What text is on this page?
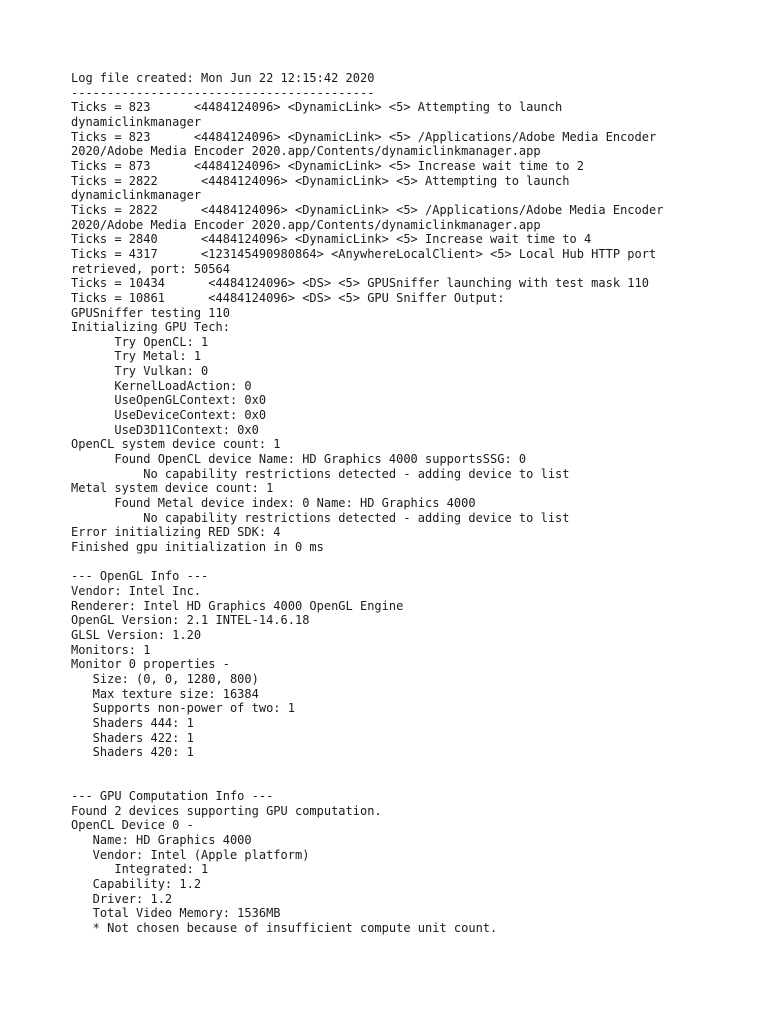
Log file created: Mon Jun 22 12:15:42 2020
------------------------------------------
Ticks = 823      <4484124096> <DynamicLink> <5> Attempting to launch
dynamiclinkmanager
Ticks = 823      <4484124096> <DynamicLink> <5> /Applications/Adobe Media Encoder
2020/Adobe Media Encoder 2020.app/Contents/dynamiclinkmanager.app
Ticks = 873      <4484124096> <DynamicLink> <5> Increase wait time to 2
Ticks = 2822      <4484124096> <DynamicLink> <5> Attempting to launch
dynamiclinkmanager
Ticks = 2822      <4484124096> <DynamicLink> <5> /Applications/Adobe Media Encoder
2020/Adobe Media Encoder 2020.app/Contents/dynamiclinkmanager.app
Ticks = 2840      <4484124096> <DynamicLink> <5> Increase wait time to 4
Ticks = 4317      <123145490980864> <AnywhereLocalClient> <5> Local Hub HTTP port
retrieved, port: 50564
Ticks = 10434      <4484124096> <DS> <5> GPUSniffer launching with test mask 110
Ticks = 10861      <4484124096> <DS> <5> GPU Sniffer Output:
GPUSniffer testing 110
Initializing GPU Tech:
Try OpenCL: 1
Try Metal: 1
Try Vulkan: 0
KernelLoadAction: 0
UseOpenGLContext: 0x0
UseDeviceContext: 0x0
UseD3D11Context: 0x0
OpenCL system device count: 1
Found OpenCL device Name: HD Graphics 4000 supportsSSG: 0
No capability restrictions detected - adding device to list
Metal system device count: 1
Found Metal device index: 0 Name: HD Graphics 4000
No capability restrictions detected - adding device to list
Error initializing RED SDK: 4
Finished gpu initialization in 0 ms
--- OpenGL Info ---
Vendor: Intel Inc.
Renderer: Intel HD Graphics 4000 OpenGL Engine
OpenGL Version: 2.1 INTEL-14.6.18
GLSL Version: 1.20
Monitors: 1
Monitor 0 properties -
Size: (0, 0, 1280, 800)
Max texture size: 16384
Supports non-power of two: 1
Shaders 444: 1
Shaders 422: 1
Shaders 420: 1
--- GPU Computation Info ---
Found 2 devices supporting GPU computation.
OpenCL Device 0 -
Name: HD Graphics 4000
Vendor: Intel (Apple platform)
Integrated: 1
Capability: 1.2
Driver: 1.2
Total Video Memory: 1536MB
* Not chosen because of insufficient compute unit count.
